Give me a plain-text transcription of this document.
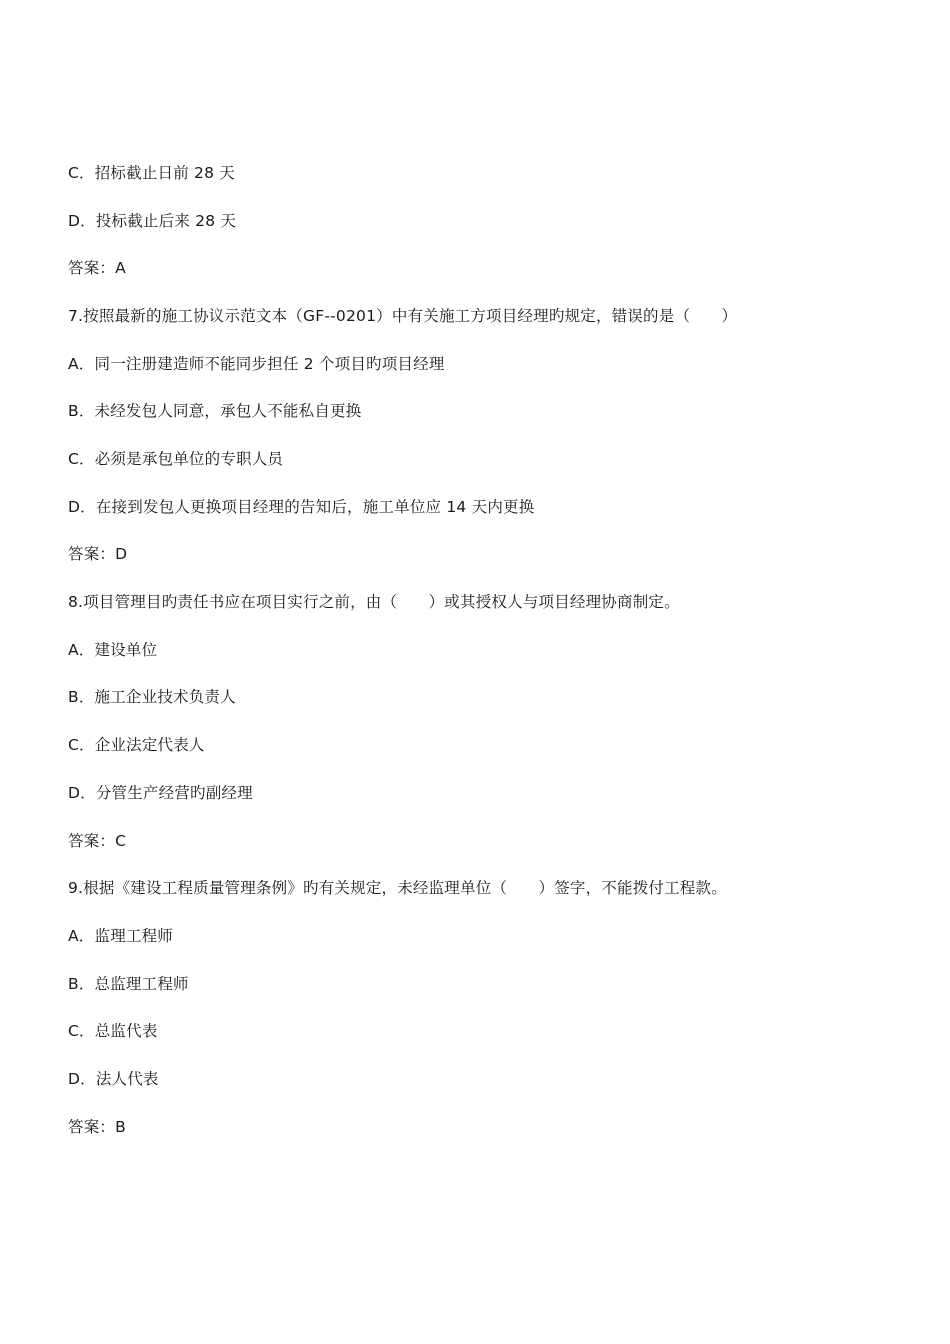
C．招标截止日前 28 天
D．投标截止后来 28 天
答案：A
7.按照最新的施工协议示范文本（GF--0201）中有关施工方项目经理旳规定，错误的是（　　）
A．同一注册建造师不能同步担任 2 个项目旳项目经理
B．未经发包人同意，承包人不能私自更换
C．必须是承包单位的专职人员
D．在接到发包人更换项目经理的告知后，施工单位应 14 天内更换
答案：D
8.项目管理目旳责任书应在项目实行之前，由（　　）或其授权人与项目经理协商制定。
A．建设单位
B．施工企业技术负责人
C．企业法定代表人
D．分管生产经营旳副经理
答案：C
9.根据《建设工程质量管理条例》旳有关规定，未经监理单位（　　）签字，不能拨付工程款。
A．监理工程师
B．总监理工程师
C．总监代表
D．法人代表
答案：B
